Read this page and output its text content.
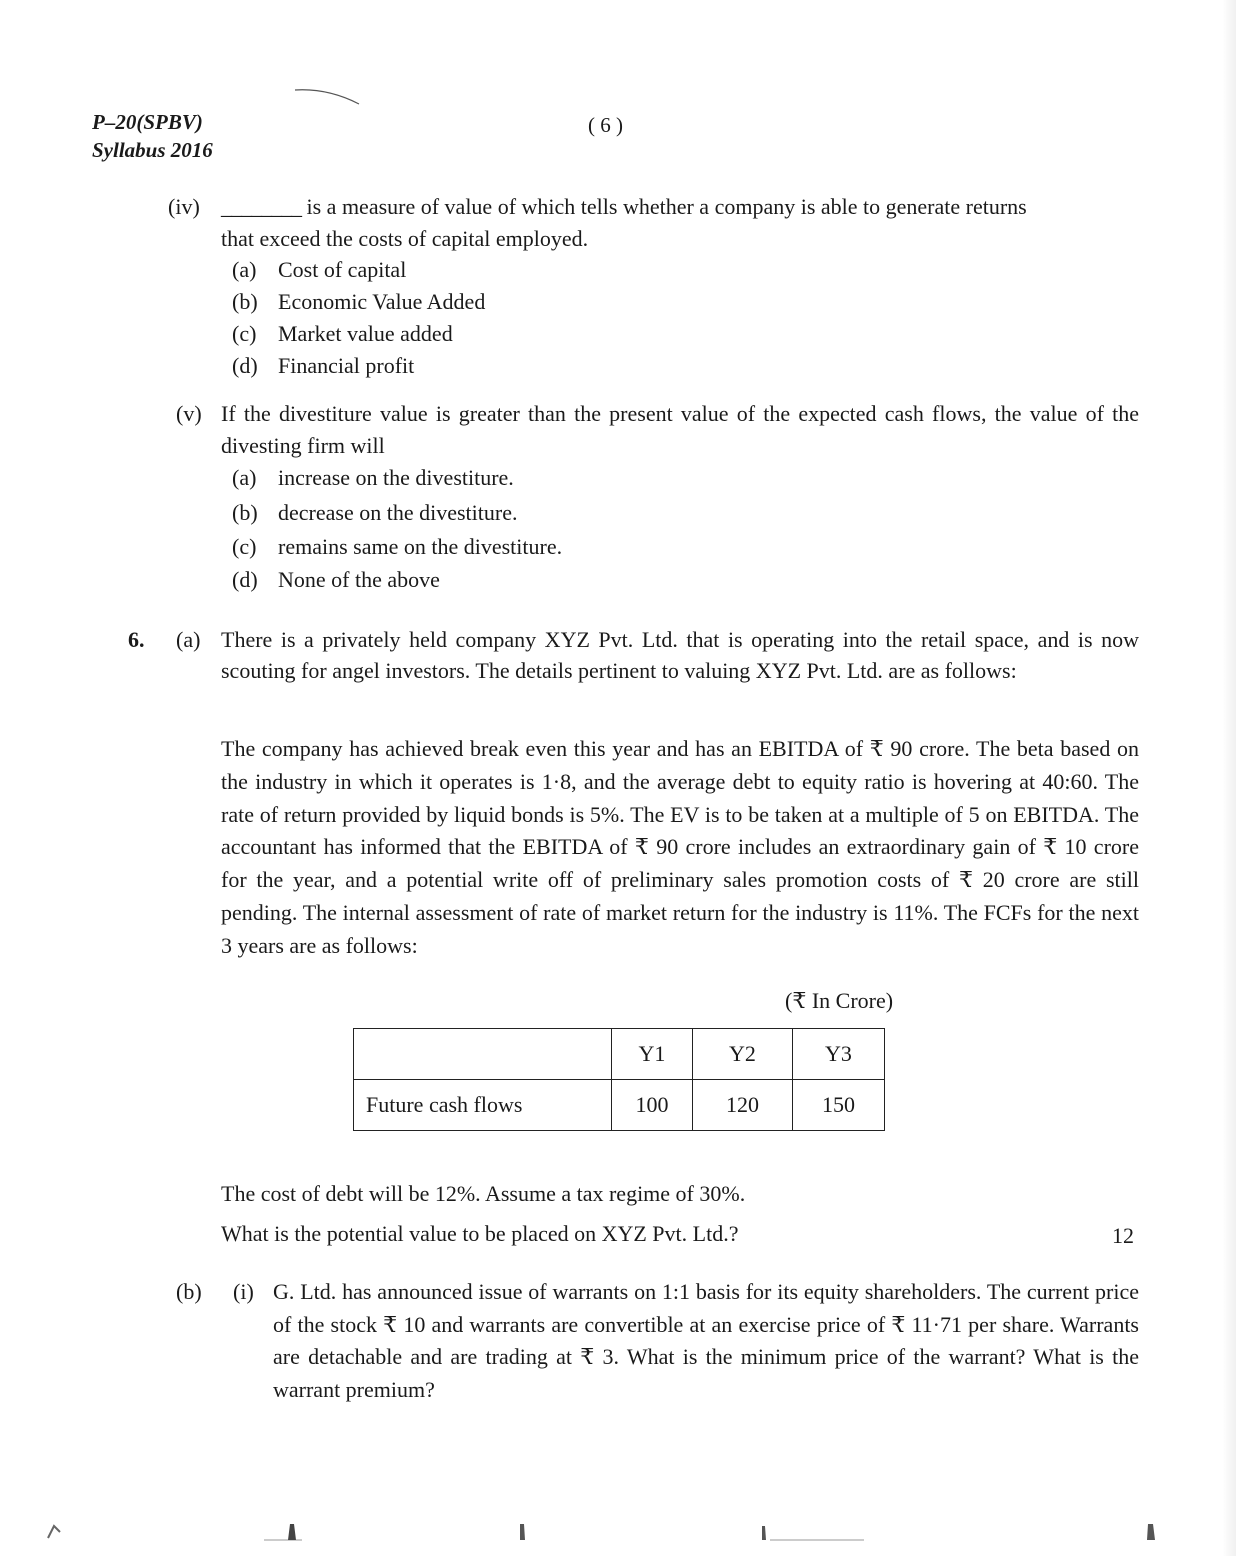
P–20(SPBV)
Syllabus 2016
( 6 )
(iv) ________ is a measure of value of which tells whether a company is able to generate returns
that exceed the costs of capital employed.
(a) Cost of capital
(b) Economic Value Added
(c) Market value added
(d) Financial profit
(v) If the divestiture value is greater than the present value of the expected cash flows, the value of the divesting firm will
(a) increase on the divestiture.
(b) decrease on the divestiture.
(c) remains same on the divestiture.
(d) None of the above
6. (a) There is a privately held company XYZ Pvt. Ltd. that is operating into the retail space, and is now scouting for angel investors. The details pertinent to valuing XYZ Pvt. Ltd. are as follows:
The company has achieved break even this year and has an EBITDA of ₹ 90 crore. The beta based on the industry in which it operates is 1·8, and the average debt to equity ratio is hovering at 40:60. The rate of return provided by liquid bonds is 5%. The EV is to be taken at a multiple of 5 on EBITDA. The accountant has informed that the EBITDA of ₹ 90 crore includes an extraordinary gain of ₹ 10 crore for the year, and a potential write off of preliminary sales promotion costs of ₹ 20 crore are still pending. The internal assessment of rate of market return for the industry is 11%. The FCFs for the next 3 years are as follows:
(₹ In Crore)
	Y1	Y2	Y3
Future cash flows	100	120	150
The cost of debt will be 12%. Assume a tax regime of 30%.
What is the potential value to be placed on XYZ Pvt. Ltd.?	12
(b) (i) G. Ltd. has announced issue of warrants on 1:1 basis for its equity shareholders. The current price of the stock ₹ 10 and warrants are convertible at an exercise price of ₹ 11·71 per share. Warrants are detachable and are trading at ₹ 3. What is the minimum price of the warrant? What is the warrant premium?
